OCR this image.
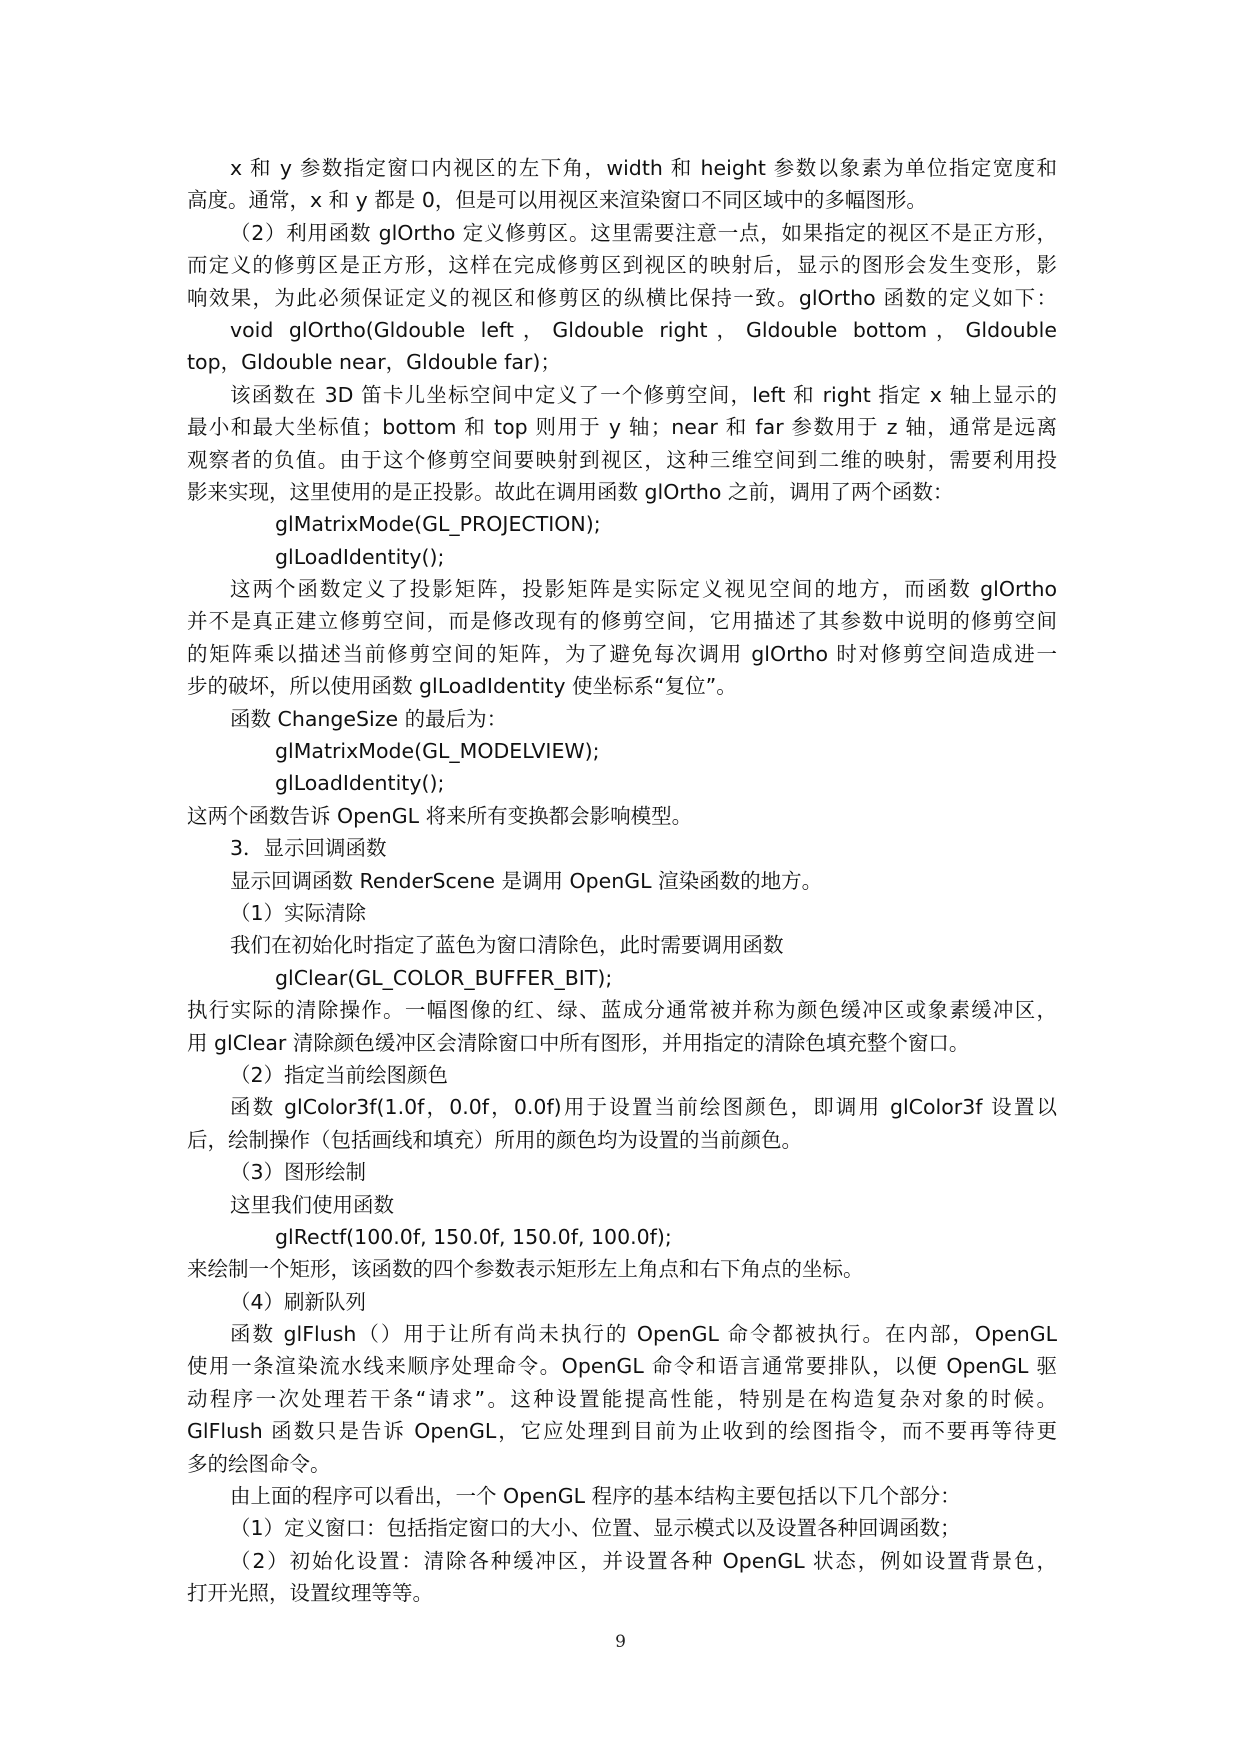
x 和 y 参数指定窗口内视区的左下角，width 和 height 参数以象素为单位指定宽度和
高度。通常，x 和 y 都是 0，但是可以用视区来渲染窗口不同区域中的多幅图形。
（2）利用函数 glOrtho 定义修剪区。这里需要注意一点，如果指定的视区不是正方形，
而定义的修剪区是正方形，这样在完成修剪区到视区的映射后，显示的图形会发生变形，影
响效果，为此必须保证定义的视区和修剪区的纵横比保持一致。glOrtho 函数的定义如下：
void glOrtho(Gldouble left，Gldouble right，Gldouble bottom，Gldouble
top，Gldouble near，Gldouble far)；
该函数在 3D 笛卡儿坐标空间中定义了一个修剪空间，left 和 right 指定 x 轴上显示的
最小和最大坐标值；bottom 和 top 则用于 y 轴；near 和 far 参数用于 z 轴，通常是远离
观察者的负值。由于这个修剪空间要映射到视区，这种三维空间到二维的映射，需要利用投
影来实现，这里使用的是正投影。故此在调用函数 glOrtho 之前，调用了两个函数：
glMatrixMode(GL_PROJECTION);
glLoadIdentity();
这两个函数定义了投影矩阵，投影矩阵是实际定义视见空间的地方，而函数 glOrtho
并不是真正建立修剪空间，而是修改现有的修剪空间，它用描述了其参数中说明的修剪空间
的矩阵乘以描述当前修剪空间的矩阵，为了避免每次调用 glOrtho 时对修剪空间造成进一
步的破坏，所以使用函数 glLoadIdentity 使坐标系“复位”。
函数 ChangeSize 的最后为：
glMatrixMode(GL_MODELVIEW);
glLoadIdentity();
这两个函数告诉 OpenGL 将来所有变换都会影响模型。
3．显示回调函数
显示回调函数 RenderScene 是调用 OpenGL 渲染函数的地方。
（1）实际清除
我们在初始化时指定了蓝色为窗口清除色，此时需要调用函数
glClear(GL_COLOR_BUFFER_BIT);
执行实际的清除操作。一幅图像的红、绿、蓝成分通常被并称为颜色缓冲区或象素缓冲区，
用 glClear 清除颜色缓冲区会清除窗口中所有图形，并用指定的清除色填充整个窗口。
（2）指定当前绘图颜色
函数 glColor3f(1.0f，0.0f，0.0f)用于设置当前绘图颜色，即调用 glColor3f 设置以
后，绘制操作（包括画线和填充）所用的颜色均为设置的当前颜色。
（3）图形绘制
这里我们使用函数
glRectf(100.0f, 150.0f, 150.0f, 100.0f);
来绘制一个矩形，该函数的四个参数表示矩形左上角点和右下角点的坐标。
（4）刷新队列
函数 glFlush（）用于让所有尚未执行的 OpenGL 命令都被执行。在内部，OpenGL
使用一条渲染流水线来顺序处理命令。OpenGL 命令和语言通常要排队，以便 OpenGL 驱
动程序一次处理若干条“请求”。这种设置能提高性能，特别是在构造复杂对象的时候。
GlFlush 函数只是告诉 OpenGL，它应处理到目前为止收到的绘图指令，而不要再等待更
多的绘图命令。
由上面的程序可以看出，一个 OpenGL 程序的基本结构主要包括以下几个部分：
（1）定义窗口：包括指定窗口的大小、位置、显示模式以及设置各种回调函数；
（2）初始化设置：清除各种缓冲区，并设置各种 OpenGL 状态，例如设置背景色，
打开光照，设置纹理等等。
9
